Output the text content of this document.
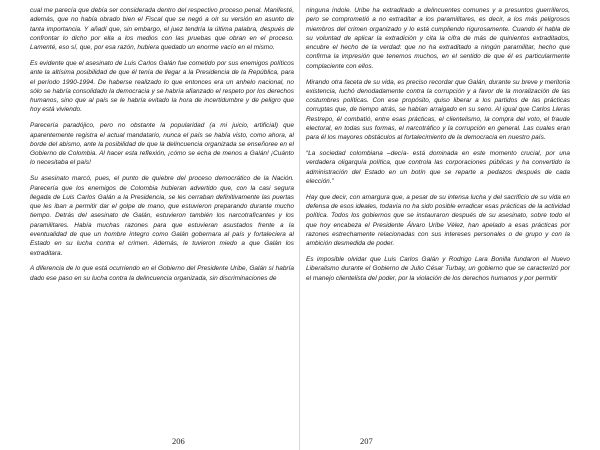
cual me parecía que debía ser considerada dentro del respectivo proceso penal. Manifesté, además, que no había obrado bien el Fiscal que se negó a oír su versión en asunto de tanta importancia. Y añadí que, sin embargo, el juez tendría la última palabra, después de confrontar lo dicho por ella a los medios con las pruebas que obran en el proceso. Lamenté, eso sí, que, por esa razón, hubiera quedado un enorme vacío en el mismo.

Es evidente que el asesinato de Luis Carlos Galán fue cometido por sus enemigos políticos ante la altísima posibilidad de que él tenía de llegar a la Presidencia de la República, para el período 1990-1994. De haberse realizado lo que entonces era un anhelo nacional, no sólo se habría consolidado la democracia y se habría afianzado el respeto por los derechos humanos, sino que al país se le habría evitado la hora de incertidumbre y de peligro que hoy está viviendo.

Parecería paradójico, pero no obstante la popularidad (a mi juicio, artificial) que aparentemente registra el actual mandatario, nunca el país se había visto, como ahora, al borde del abismo, ante la posibilidad de que la delincuencia organizada se enseñoree en el Gobierno de Colombia. Al hacer esta reflexión, ¡cómo se echa de menos a Galán! ¡Cuánto lo necesitaba el país!

Su asesinato marcó, pues, el punto de quiebre del proceso democrático de la Nación. Parecería que los enemigos de Colombia hubieran advertido que, con la casi segura llegada de Luis Carlos Galán a la Presidencia, se les cerraban definitivamente las puertas que les iban a permitir dar el golpe de mano, que estuvieron preparando durante mucho tiempo. Detrás del asesinato de Galán, estuvieron también los narcotraficantes y los paramilitares. Había muchas razones para que estuvieran asustados frente a la eventualidad de que un hombre íntegro como Galán gobernara al país y fortaleciera al Estado en su lucha contra el crimen. Además, le tuvieron miedo a que Galán los extraditara.

A diferencia de lo que está ocurriendo en el Gobierno del Presidente Uribe, Galán sí habría dado ese paso en su lucha contra la delincuencia organizada, sin discriminaciones de

206

ninguna índole. Uribe ha extraditado a delincuentes comunes y a presuntos guerrilleros, pero se comprometió a no extraditar a los paramilitares, es decir, a los más peligrosos miembros del crimen organizado y lo está cumpliendo rigurosamente. Cuando él habla de su voluntad de aplicar la extradición y cita la cifra de más de quinientos extraditados, encubre el hecho de la verdad: que no ha extraditado a ningún paramilitar, hecho que confirma la impresión que tenemos muchos, en el sentido de que él es particularmente complaciente con ellos.

Mirando otra faceta de su vida, es preciso recordar que Galán, durante su breve y meritoria existencia, luchó denodadamente contra la corrupción y a favor de la moralización de las costumbres políticas. Con ese propósito, quiso liberar a los partidos de las prácticas corruptas que, de tiempo atrás, se habían arraigado en su seno. Al igual que Carlos Lleras Restrepo, él combatió, entre esas prácticas, el clientelismo, la compra del voto, el fraude electoral, en todas sus formas, el narcotráfico y la corrupción en general. Las cuales eran para él los mayores obstáculos al fortalecimiento de la democracia en nuestro país.

“La sociedad colombiana –decía- está dominada en este momento crucial, por una verdadera oligarquía política, que controla las corporaciones públicas y ha convertido la administración del Estado en un botín que se reparte a pedazos después de cada elección.”

Hay que decir, con amargura que, a pesar de su intensa lucha y del sacrificio de su vida en defensa de esos ideales, todavía no ha sido posible erradicar esas prácticas de la actividad política. Todos los gobiernos que se instauraron después de su asesinato, sobre todo el que hoy encabeza el Presidente Álvaro Uribe Vélez, han apelado a esas prácticas por razones estrechamente relacionadas con sus intereses personales o de grupo y con la ambición desmedida de poder.

Es imposible olvidar que Luis Carlos Galán y Rodrigo Lara Bonilla fundaron el Nuevo Liberalismo durante el Gobierno de Julio César Turbay, un gobierno que se caracterizó por el manejo clientelista del poder, por la violación de los derechos humanos y por permitir

207
